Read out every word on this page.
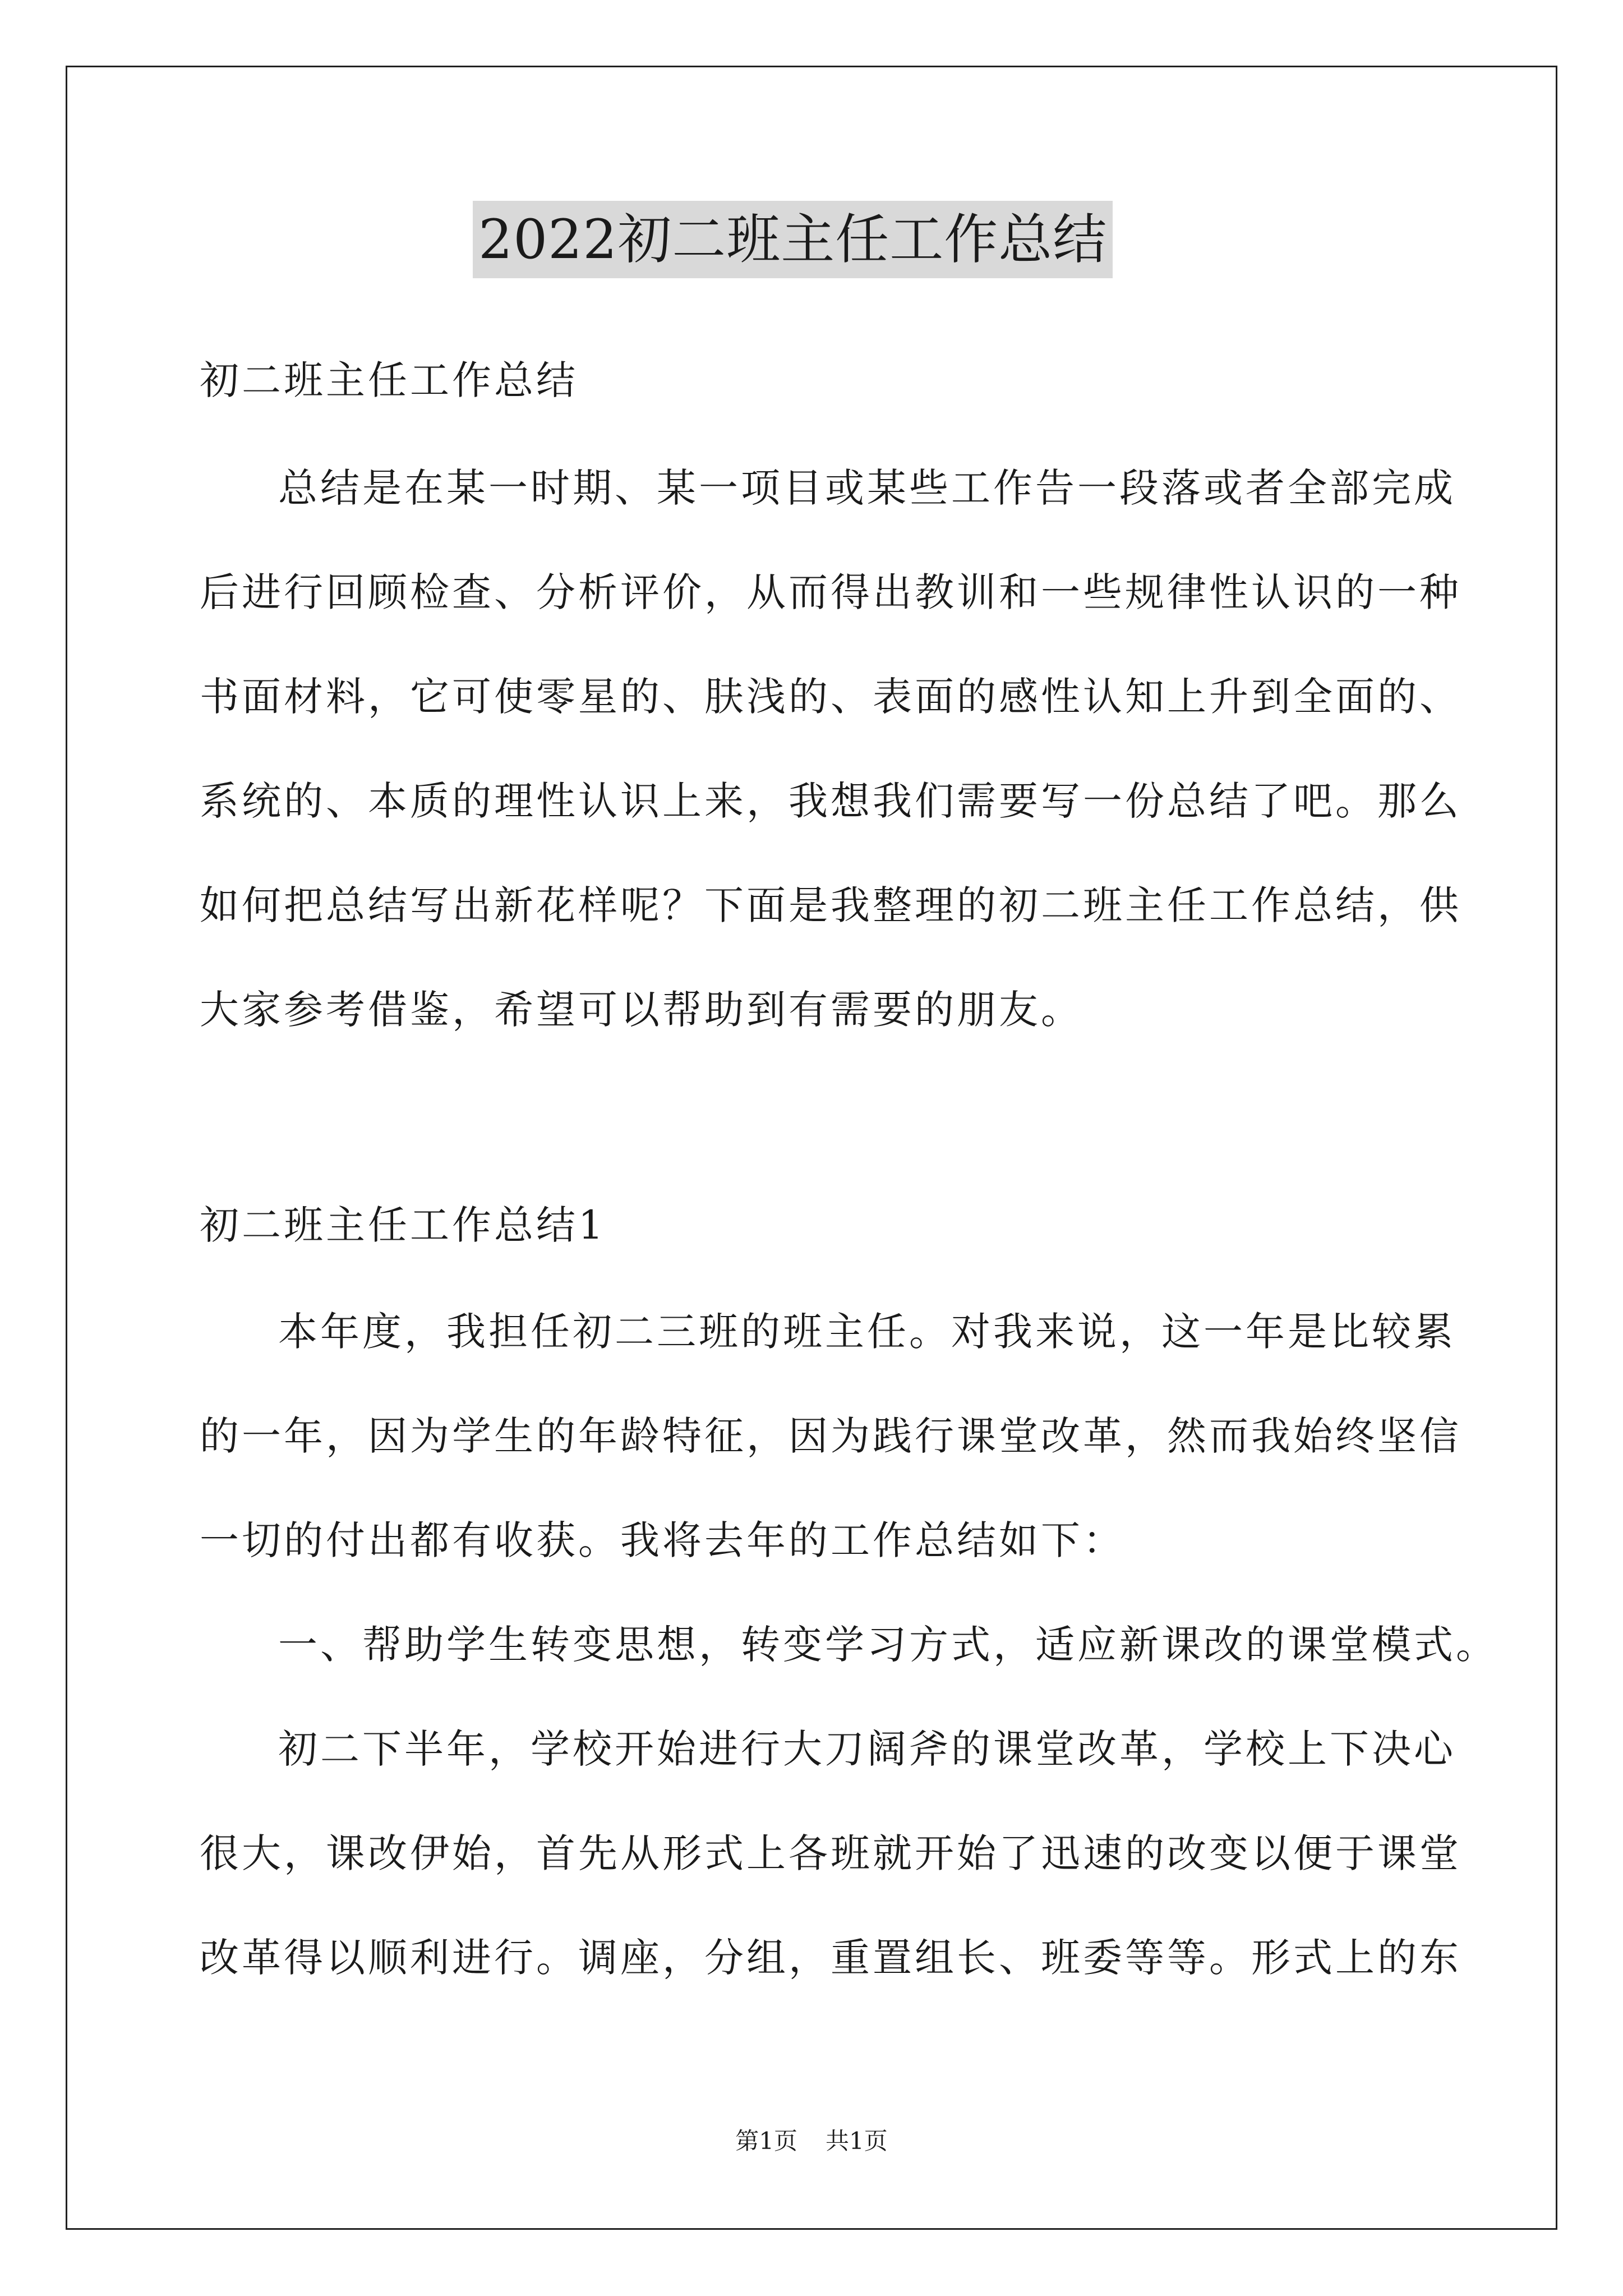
2022初二班主任工作总结
初二班主任工作总结
总结是在某一时期、某一项目或某些工作告一段落或者全部完成
后进行回顾检查、分析评价，从而得出教训和一些规律性认识的一种
书面材料，它可使零星的、肤浅的、表面的感性认知上升到全面的、
系统的、本质的理性认识上来，我想我们需要写一份总结了吧。那么
如何把总结写出新花样呢？下面是我整理的初二班主任工作总结，供
大家参考借鉴，希望可以帮助到有需要的朋友。
初二班主任工作总结1
本年度，我担任初二三班的班主任。对我来说，这一年是比较累
的一年，因为学生的年龄特征，因为践行课堂改革，然而我始终坚信
一切的付出都有收获。我将去年的工作总结如下：
一、帮助学生转变思想，转变学习方式，适应新课改的课堂模式。
初二下半年，学校开始进行大刀阔斧的课堂改革，学校上下决心
很大，课改伊始，首先从形式上各班就开始了迅速的改变以便于课堂
改革得以顺利进行。调座，分组，重置组长、班委等等。形式上的东
第1页 共1页
